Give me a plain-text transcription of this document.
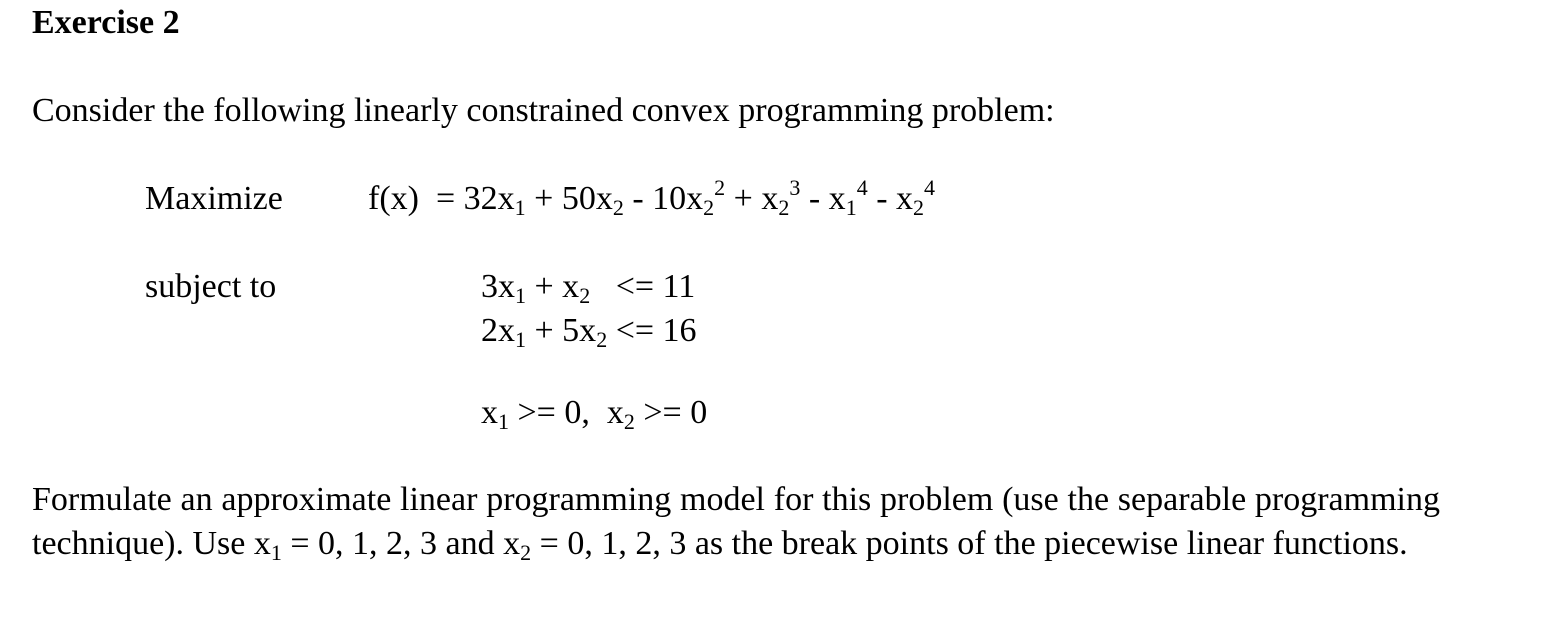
Exercise 2
Consider the following linearly constrained convex programming problem:
Maximize	$f(x) = 32x_1 + 50x_2 - 10x_2^2 + x_2^3 - x_1^4 - x_2^4$
subject to	$3x_1 + x_2 <= 11$
$2x_1 + 5x_2 <= 16$
$x_1 >= 0$,  $x_2 >= 0$
Formulate an approximate linear programming model for this problem (use the separable programming technique). Use $x_1 = 0$, 1, 2, 3 and $x_2 = 0$, 1, 2, 3 as the break points of the piecewise linear functions.
